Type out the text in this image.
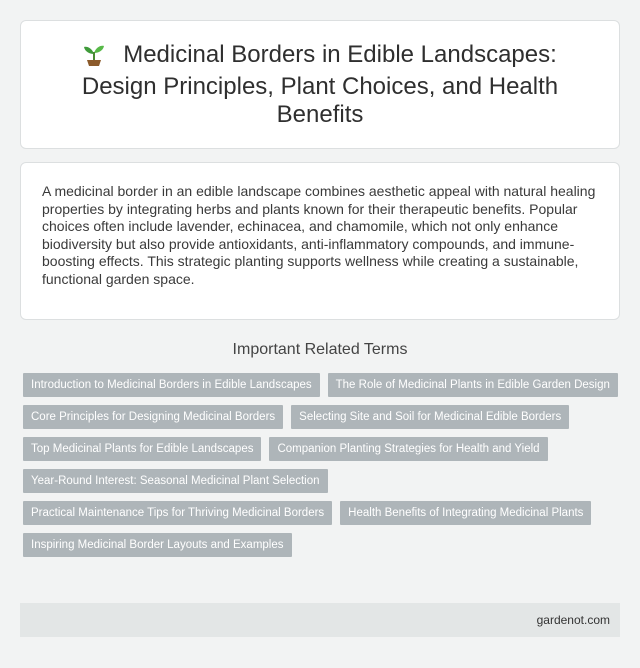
Medicinal Borders in Edible Landscapes: Design Principles, Plant Choices, and Health Benefits

A medicinal border in an edible landscape combines aesthetic appeal with natural healing properties by integrating herbs and plants known for their therapeutic benefits. Popular choices often include lavender, echinacea, and chamomile, which not only enhance biodiversity but also provide antioxidants, anti-inflammatory compounds, and immune-boosting effects. This strategic planting supports wellness while creating a sustainable, functional garden space.

Important Related Terms
Introduction to Medicinal Borders in Edible Landscapes	The Role of Medicinal Plants in Edible Garden Design
Core Principles for Designing Medicinal Borders	Selecting Site and Soil for Medicinal Edible Borders
Top Medicinal Plants for Edible Landscapes	Companion Planting Strategies for Health and Yield
Year-Round Interest: Seasonal Medicinal Plant Selection
Practical Maintenance Tips for Thriving Medicinal Borders	Health Benefits of Integrating Medicinal Plants
Inspiring Medicinal Border Layouts and Examples
gardenot.com
